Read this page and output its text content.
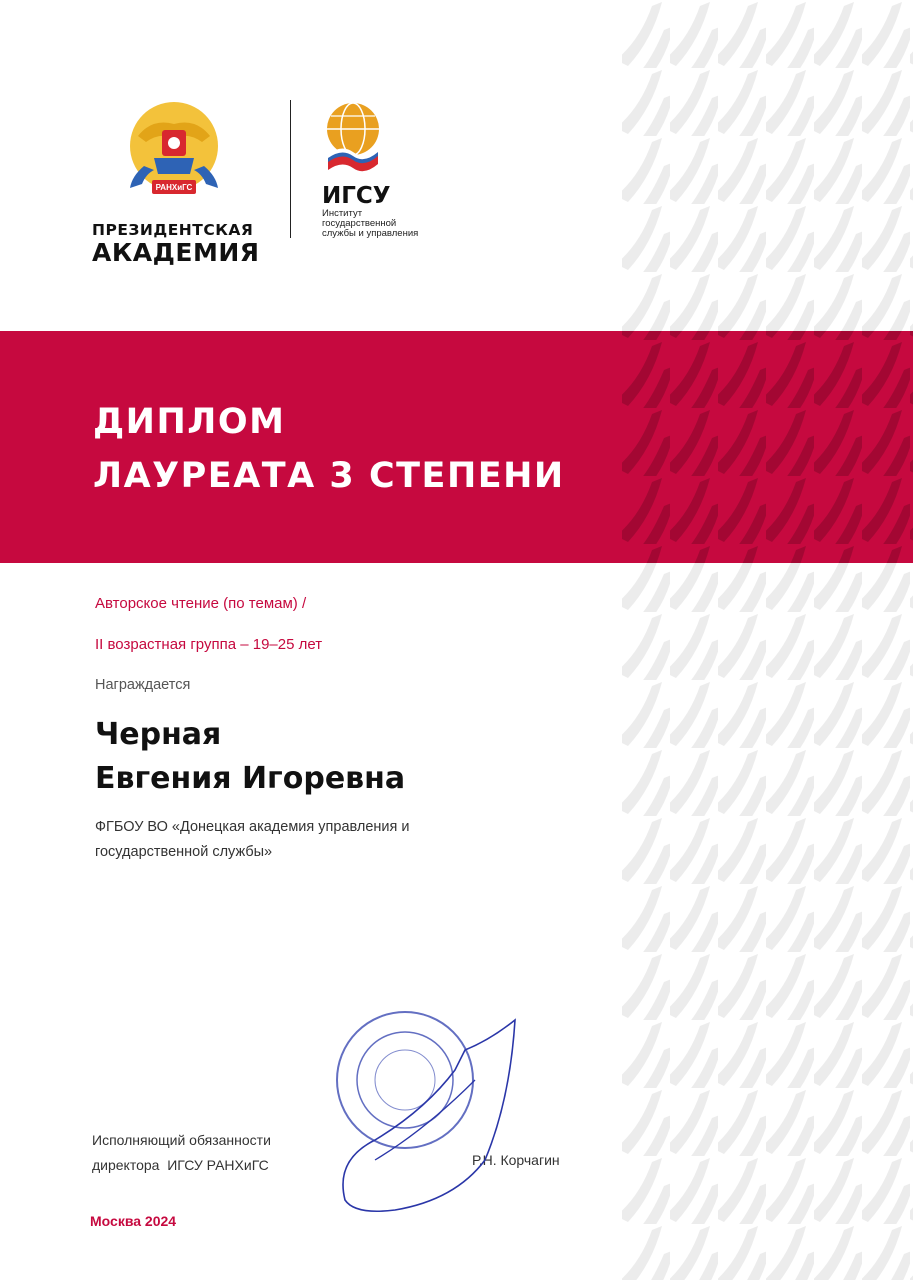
РАНХиГС
ПРЕЗИДЕНТСКАЯ
АКАДЕМИЯ
ИГСУ
Институт
государственной
службы и управления
ДИПЛОМ
ЛАУРЕАТА 3 СТЕПЕНИ
Авторское чтение (по темам) /
II возрастная группа – 19–25 лет
Награждается
Черная
Евгения Игоревна
ФГБОУ ВО «Донецкая академия управления и государственной службы»
Исполняющий обязанности
директора  ИГСУ РАНХиГС	Р.Н. Корчагин
Москва 2024
